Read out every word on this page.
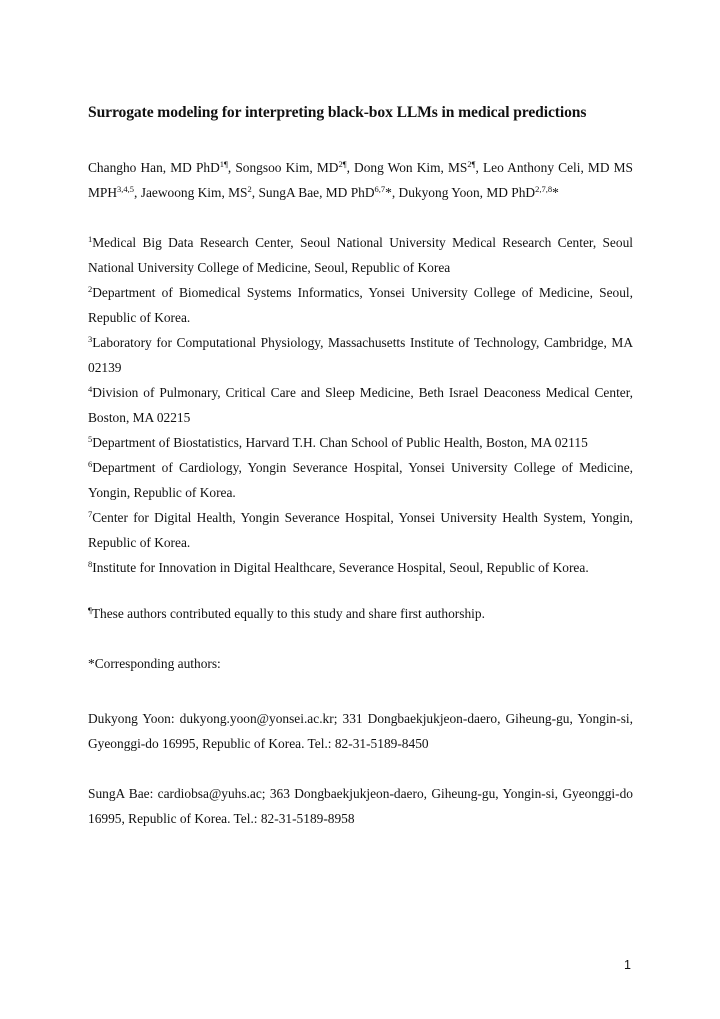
Surrogate modeling for interpreting black-box LLMs in medical predictions
Changho Han, MD PhD$^{1\P}$, Songsoo Kim, $MD^{2\P}$, Dong Won Kim, $MS^{2\P}$, Leo Anthony Celi, MD MS MPH$^{3,4,5}$, Jaewoong Kim, $MS^2$, SungA Bae, MD PhD$^{6,7}$*, Dukyong Yoon, MD PhD$^{2,7,8}$*
$^1$Medical Big Data Research Center, Seoul National University Medical Research Center, Seoul National University College of Medicine, Seoul, Republic of Korea
$^2$Department of Biomedical Systems Informatics, Yonsei University College of Medicine, Seoul, Republic of Korea.
$^3$Laboratory for Computational Physiology, Massachusetts Institute of Technology, Cambridge, MA 02139
$^4$Division of Pulmonary, Critical Care and Sleep Medicine, Beth Israel Deaconess Medical Center, Boston, MA 02215
$^5$Department of Biostatistics, Harvard T.H. Chan School of Public Health, Boston, MA 02115
$^6$Department of Cardiology, Yongin Severance Hospital, Yonsei University College of Medicine, Yongin, Republic of Korea.
$^7$Center for Digital Health, Yongin Severance Hospital, Yonsei University Health System, Yongin, Republic of Korea.
$^8$Institute for Innovation in Digital Healthcare, Severance Hospital, Seoul, Republic of Korea.
¶These authors contributed equally to this study and share first authorship.
*Corresponding authors:
Dukyong Yoon: dukyong.yoon@yonsei.ac.kr; 331 Dongbaekjukjeon-daero, Giheung-gu, Yongin-si, Gyeonggi-do 16995, Republic of Korea. Tel.: 82-31-5189-8450
SungA Bae: cardiobsa@yuhs.ac; 363 Dongbaekjukjeon-daero, Giheung-gu, Yongin-si, Gyeonggi-do 16995, Republic of Korea. Tel.: 82-31-5189-8958
1
